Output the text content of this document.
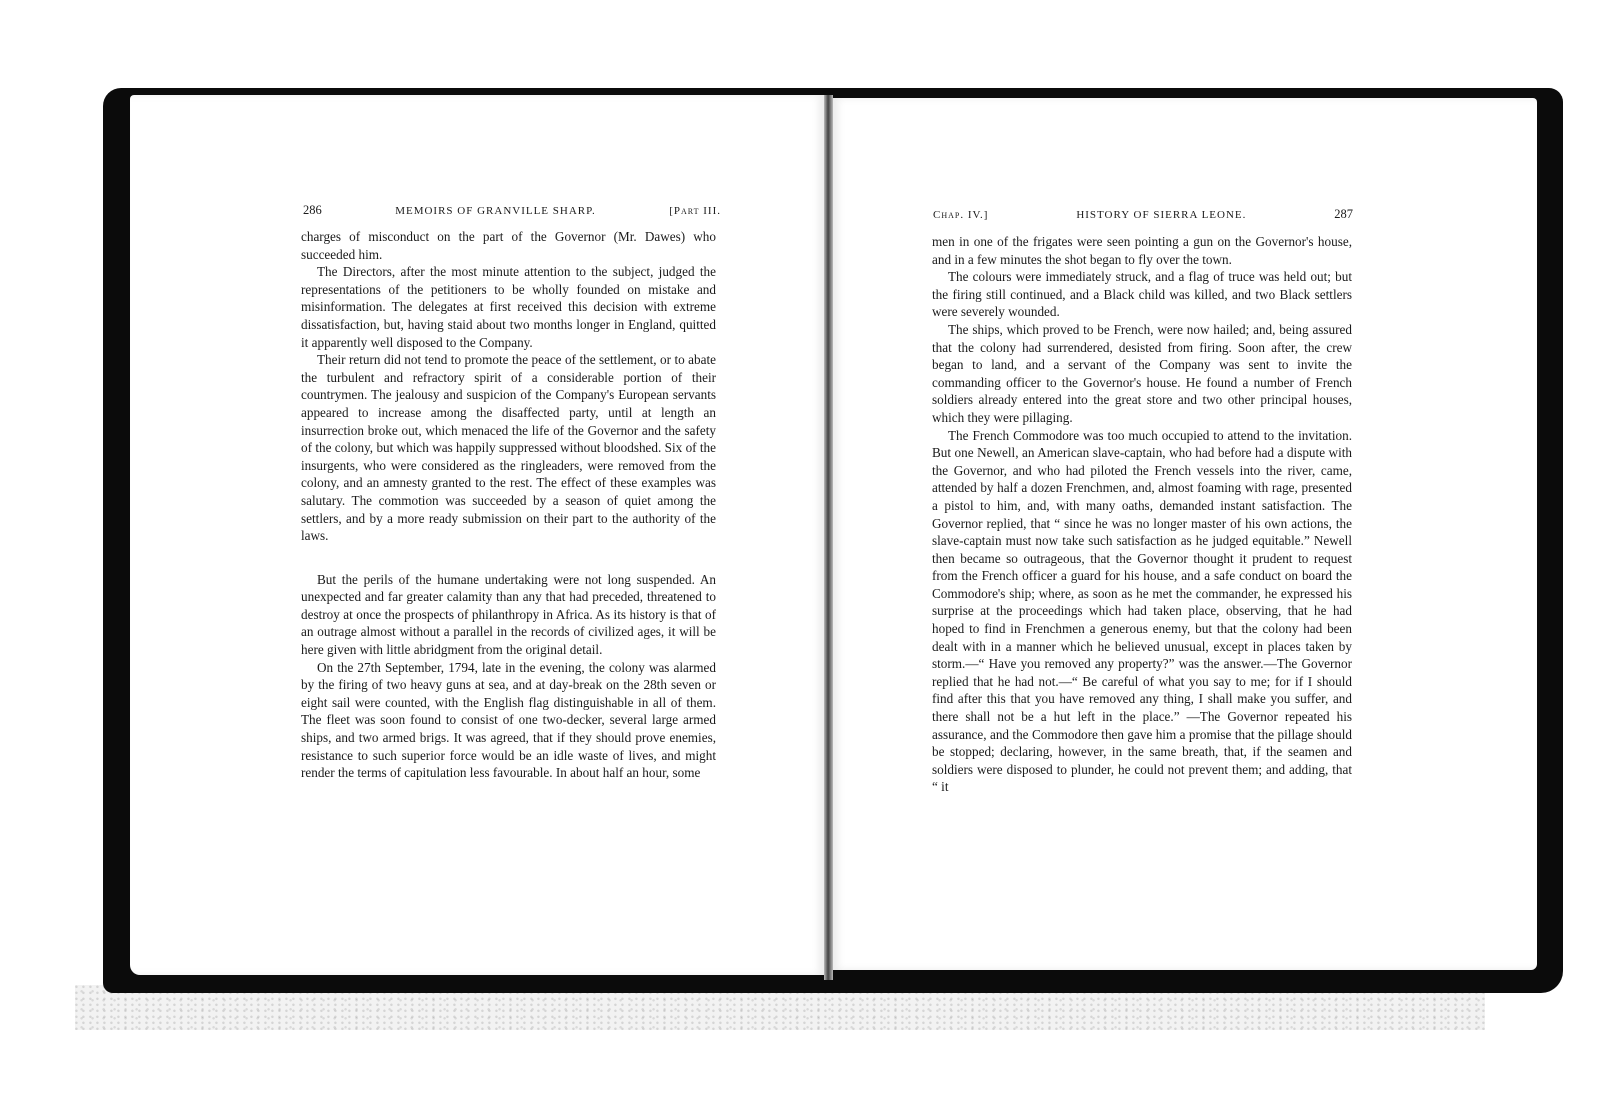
286	MEMOIRS OF GRANVILLE SHARP.	[Part III.

charges of misconduct on the part of the Governor (Mr. Dawes) who succeeded him.

The Directors, after the most minute attention to the subject, judged the representations of the petitioners to be wholly founded on mistake and misinformation. The delegates at first received this decision with extreme dissatisfaction, but, having staid about two months longer in England, quitted it apparently well disposed to the Company.

Their return did not tend to promote the peace of the settlement, or to abate the turbulent and refractory spirit of a considerable portion of their countrymen. The jealousy and suspicion of the Company's European servants appeared to increase among the disaffected party, until at length an insurrection broke out, which menaced the life of the Governor and the safety of the colony, but which was happily suppressed without bloodshed. Six of the insurgents, who were considered as the ringleaders, were removed from the colony, and an amnesty granted to the rest. The effect of these examples was salutary. The commotion was succeeded by a season of quiet among the settlers, and by a more ready submission on their part to the authority of the laws.

But the perils of the humane undertaking were not long suspended. An unexpected and far greater calamity than any that had preceded, threatened to destroy at once the prospects of philanthropy in Africa. As its history is that of an outrage almost without a parallel in the records of civilized ages, it will be here given with little abridgment from the original detail.

On the 27th September, 1794, late in the evening, the colony was alarmed by the firing of two heavy guns at sea, and at day-break on the 28th seven or eight sail were counted, with the English flag distinguishable in all of them. The fleet was soon found to consist of one two-decker, several large armed ships, and two armed brigs. It was agreed, that if they should prove enemies, resistance to such superior force would be an idle waste of lives, and might render the terms of capitulation less favourable. In about half an hour, some

Chap. IV.]	HISTORY OF SIERRA LEONE.	287

men in one of the frigates were seen pointing a gun on the Governor's house, and in a few minutes the shot began to fly over the town.

The colours were immediately struck, and a flag of truce was held out; but the firing still continued, and a Black child was killed, and two Black settlers were severely wounded.

The ships, which proved to be French, were now hailed; and, being assured that the colony had surrendered, desisted from firing. Soon after, the crew began to land, and a servant of the Company was sent to invite the commanding officer to the Governor's house. He found a number of French soldiers already entered into the great store and two other principal houses, which they were pillaging.

The French Commodore was too much occupied to attend to the invitation. But one Newell, an American slave-captain, who had before had a dispute with the Governor, and who had piloted the French vessels into the river, came, attended by half a dozen Frenchmen, and, almost foaming with rage, presented a pistol to him, and, with many oaths, demanded instant satisfaction. The Governor replied, that “ since he was no longer master of his own actions, the slave-captain must now take such satisfaction as he judged equitable.” Newell then became so outrageous, that the Governor thought it prudent to request from the French officer a guard for his house, and a safe conduct on board the Commodore's ship; where, as soon as he met the commander, he expressed his surprise at the proceedings which had taken place, observing, that he had hoped to find in Frenchmen a generous enemy, but that the colony had been dealt with in a manner which he believed unusual, except in places taken by storm.—“ Have you removed any property?” was the answer.—The Governor replied that he had not.—“ Be careful of what you say to me; for if I should find after this that you have removed any thing, I shall make you suffer, and there shall not be a hut left in the place.” —The Governor repeated his assurance, and the Commodore then gave him a promise that the pillage should be stopped; declaring, however, in the same breath, that, if the seamen and soldiers were disposed to plunder, he could not prevent them; and adding, that “ it
